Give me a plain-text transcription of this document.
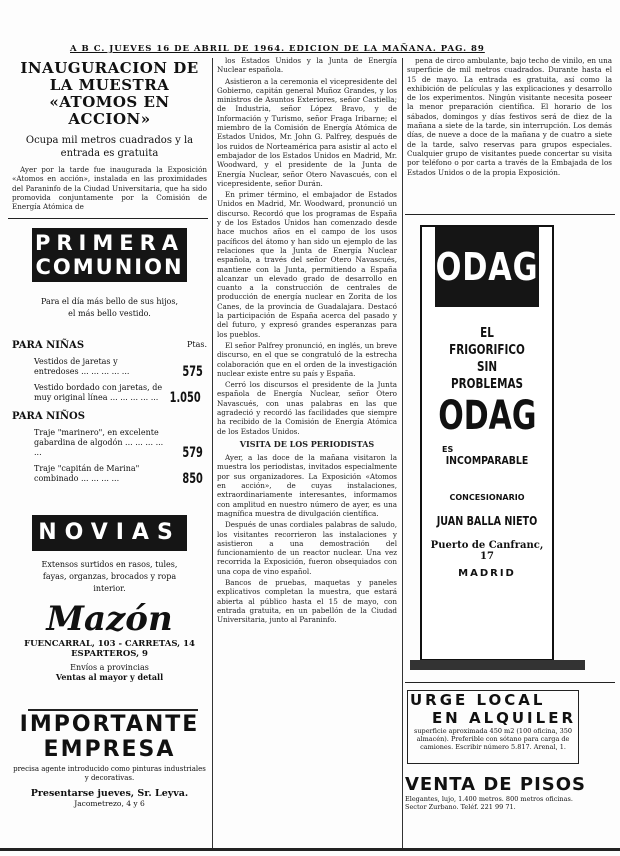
A B C. JUEVES 16 DE ABRIL DE 1964. EDICION DE LA MAÑANA. PAG. 89
INAUGURACION DE LA MUESTRA «ATOMOS EN ACCION»
Ocupa mil metros cuadrados y la entrada es gratuita

Ayer por la tarde fue inaugurada la Exposición «Atomos en acción», instalada en las proximidades del Paraninfo de la Ciudad Universitaria, que ha sido promovida conjuntamente por la Comisión de Energía Atómica de

PRIMERA
COMUNION
Para el día más bello de sus hijos, el más bello vestido.
PARA NIÑAS	Ptas.
Vestidos de jaretas y entredoses ... ... ... ... ...	575
Vestido bordado con jaretas, de muy original línea ... ... ... ... ... 1.050
PARA NIÑOS
Traje "marinero", en excelente gabardina de algodón ... ... ... ... ...	579
Traje "capitán de Marina" combinado ... ... ... ...	850
NOVIAS
Extensos surtidos en rasos, tules, fayas, organzas, brocados y ropa interior.
Mazón
FUENCARRAL, 103 - CARRETAS, 14
ESPARTEROS, 9
Envíos a provincias
Ventas al mayor y detall
IMPORTANTE
EMPRESA
precisa agente introducido como pinturas industriales y decorativas.
Presentarse jueves, Sr. Leyva.
Jacometrezo, 4 y 6

los Estados Unidos y la Junta de Energía Nuclear española.

Asistieron a la ceremonia el vicepresidente del Gobierno, capitán general Muñoz Grandes, y los ministros de Asuntos Exteriores, señor Castiella; de Industria, señor López Bravo, y de Información y Turismo, señor Fraga Iribarne; el miembro de la Comisión de Energía Atómica de Estados Unidos, Mr. John G. Palfrey, después de los ruidos de Norteamérica para asistir al acto el embajador de los Estados Unidos en Madrid, Mr. Woodward, y el presidente de la Junta de Energía Nuclear, señor Otero Navascués, con el vicepresidente, señor Durán.

En primer término, el embajador de Estados Unidos en Madrid, Mr. Woodward, pronunció un discurso. Recordó que los programas de España y de los Estados Unidos han comenzado desde hace muchos años en el campo de los usos pacíficos del átomo y han sido un ejemplo de las relaciones que la Junta de Energía Nuclear española, a través del señor Otero Navascués, mantiene con la Junta, permitiendo a España alcanzar un elevado grado de desarrollo en cuanto a la construcción de centrales de producción de energía nuclear en Zorita de los Canes, de la provincia de Guadalajara. Destacó la participación de España acerca del pasado y del futuro, y expresó grandes esperanzas para los pueblos.

El señor Palfrey pronunció, en inglés, un breve discurso, en el que se congratuló de la estrecha colaboración que en el orden de la investigación nuclear existe entre su país y España.

Cerró los discursos el presidente de la Junta española de Energía Nuclear, señor Otero Navascués, con unas palabras en las que agradeció y recordó las facilidades que siempre ha recibido de la Comisión de Energía Atómica de los Estados Unidos.

VISITA DE LOS PERIODISTAS

Ayer, a las doce de la mañana visitaron la muestra los periodistas, invitados especialmente por sus organizadores. La Exposición «Atomos en acción», de cuyas instalaciones, extraordinariamente interesantes, informamos con amplitud en nuestro número de ayer, es una magnífica muestra de divulgación científica.

Después de unas cordiales palabras de saludo, los visitantes recorrieron las instalaciones y asistieron a una demostración del funcionamiento de un reactor nuclear. Una vez recorrida la Exposición, fueron obsequiados con una copa de vino español.

Bancos de pruebas, maquetas y paneles explicativos completan la muestra, que estará abierta al público hasta el 15 de mayo, con entrada gratuita, en un pabellón de la Ciudad Universitaria, junto al Paraninfo.

pena de circo ambulante, bajo techo de vinilo, en una superficie de mil metros cuadrados. Durante hasta el 15 de mayo. La entrada es gratuita, así como la exhibición de películas y las explicaciones y desarrollo de los experimentos. Ningún visitante necesita poseer la menor preparación científica. El horario de los sábados, domingos y días festivos será de diez de la mañana a siete de la tarde, sin interrupción. Los demás días, de nueve a doce de la mañana y de cuatro a siete de la tarde, salvo reservas para grupos especiales. Cualquier grupo de visitantes puede concertar su visita por teléfono o por carta a través de la Embajada de los Estados Unidos o de la propia Exposición.

ODAG
EL
FRIGORIFICO
SIN
PROBLEMAS
ODAG
ES
INCOMPARABLE
CONCESIONARIO
JUAN BALLA NIETO
Puerto de Canfranc, 17
MADRID
URGE LOCAL
EN ALQUILER
superficie aproximada 450 m2 (100 oficina, 350 almacén). Preferible con sótano para carga de camiones. Escribir número 5.817. Arenal, 1.
VENTA DE PISOS
Elegantes, lujo, 1.400 metros. 800 metros oficinas. Sector Zurbano. Teléf. 221 99 71.
